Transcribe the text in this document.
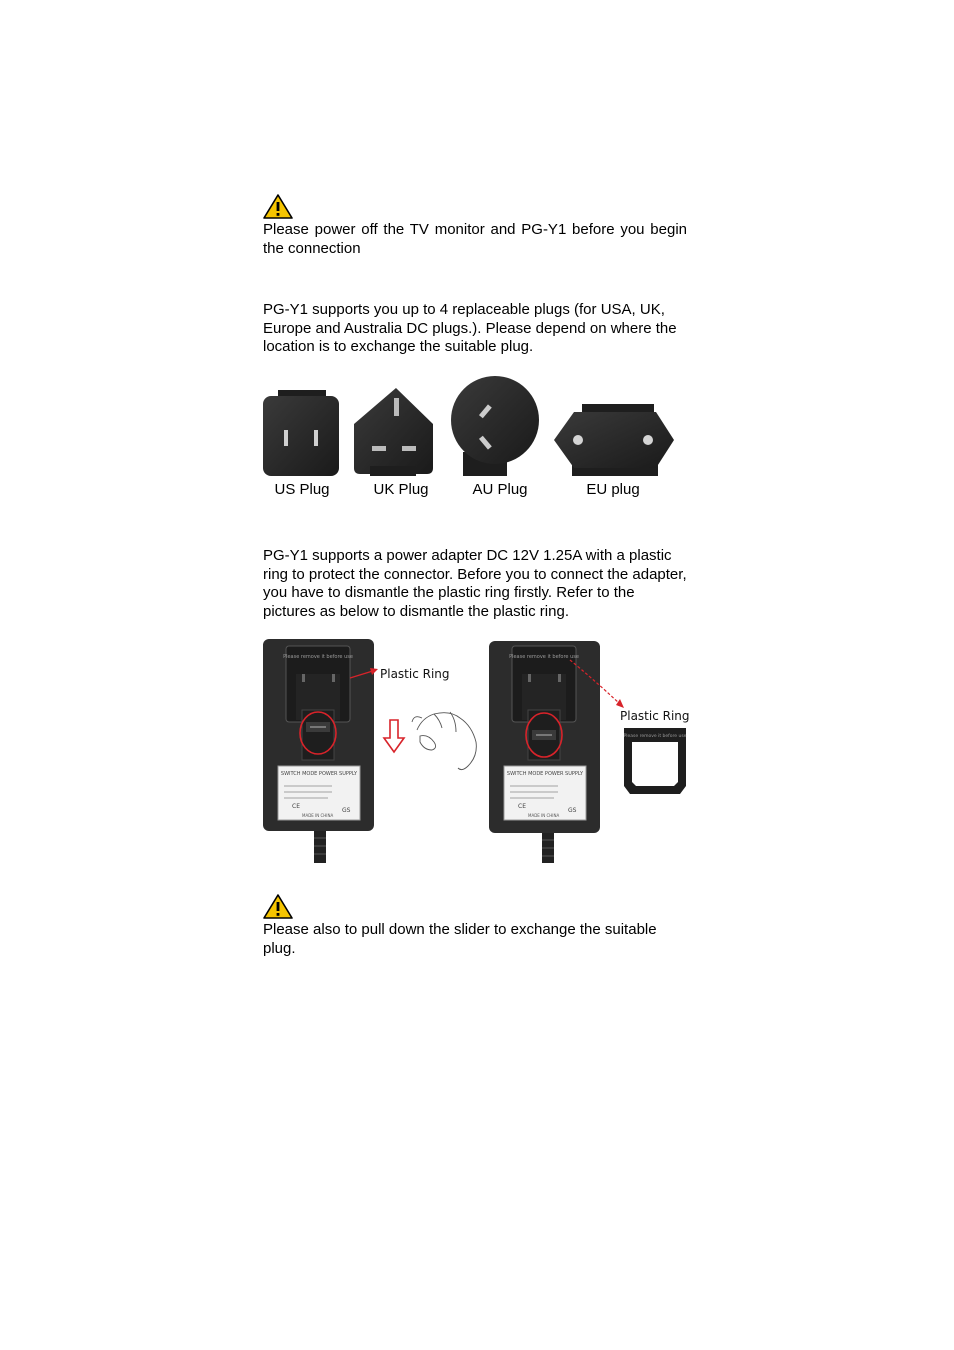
Please power off the TV monitor and PG-Y1 before you begin the connection
PG-Y1 supports you up to 4 replaceable plugs (for USA, UK, Europe and Australia DC plugs.). Please depend on where the location is to exchange the suitable plug.
US Plug	UK Plug	AU Plug	EU plug
PG-Y1 supports a power adapter DC 12V 1.25A with a plastic ring to protect the connector. Before you to connect the adapter, you have to dismantle the plastic ring firstly. Refer to the pictures as below to dismantle the plastic ring.
Please remove it before use
SWITCH MODE POWER SUPPLY
CE
GS
MADE IN CHINA
Plastic Ring
Please remove it before use
SWITCH MODE POWER SUPPLY
CE
GS
MADE IN CHINA
Plastic Ring
Please remove it before use
Please also to pull down the slider to exchange the suitable plug.
